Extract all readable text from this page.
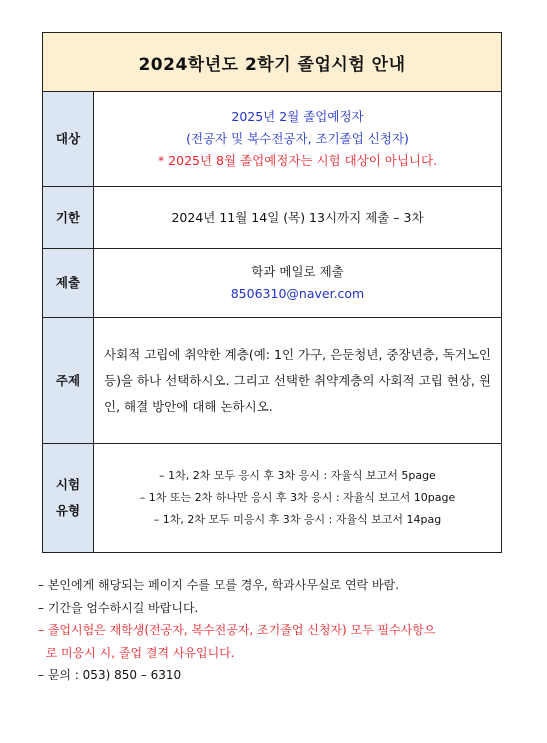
2024학년도 2학기 졸업시험 안내
대상
2025년 2월 졸업예정자
(전공자 및 복수전공자, 조기졸업 신청자)
* 2025년 8월 졸업예정자는 시험 대상이 아닙니다.
기한	2024년 11월 14일 (목) 13시까지 제출 – 3차
제출
학과 메일로 제출
8506310@naver.com
주제
사회적 고립에 취약한 계층(예: 1인 가구, 은둔청년, 중장년층, 독거노인 등)을 하나 선택하시오. 그리고 선택한 취약계층의 사회적 고립 현상, 원인, 해결 방안에 대해 논하시오.
시험
유형
– 1차, 2차 모두 응시 후 3차 응시 : 자율식 보고서 5page
– 1차 또는 2차 하나만 응시 후 3차 응시 : 자율식 보고서 10page
– 1차, 2차 모두 미응시 후 3차 응시 : 자율식 보고서 14pag

– 본인에게 해당되는 페이지 수를 모를 경우, 학과사무실로 연락 바람.

– 기간을 엄수하시길 바랍니다.

– 졸업시험은 재학생(전공자, 복수전공자, 조기졸업 신청자) 모두 필수사항으

로 미응시 시, 졸업 결격 사유입니다.

– 문의 : 053) 850 – 6310
